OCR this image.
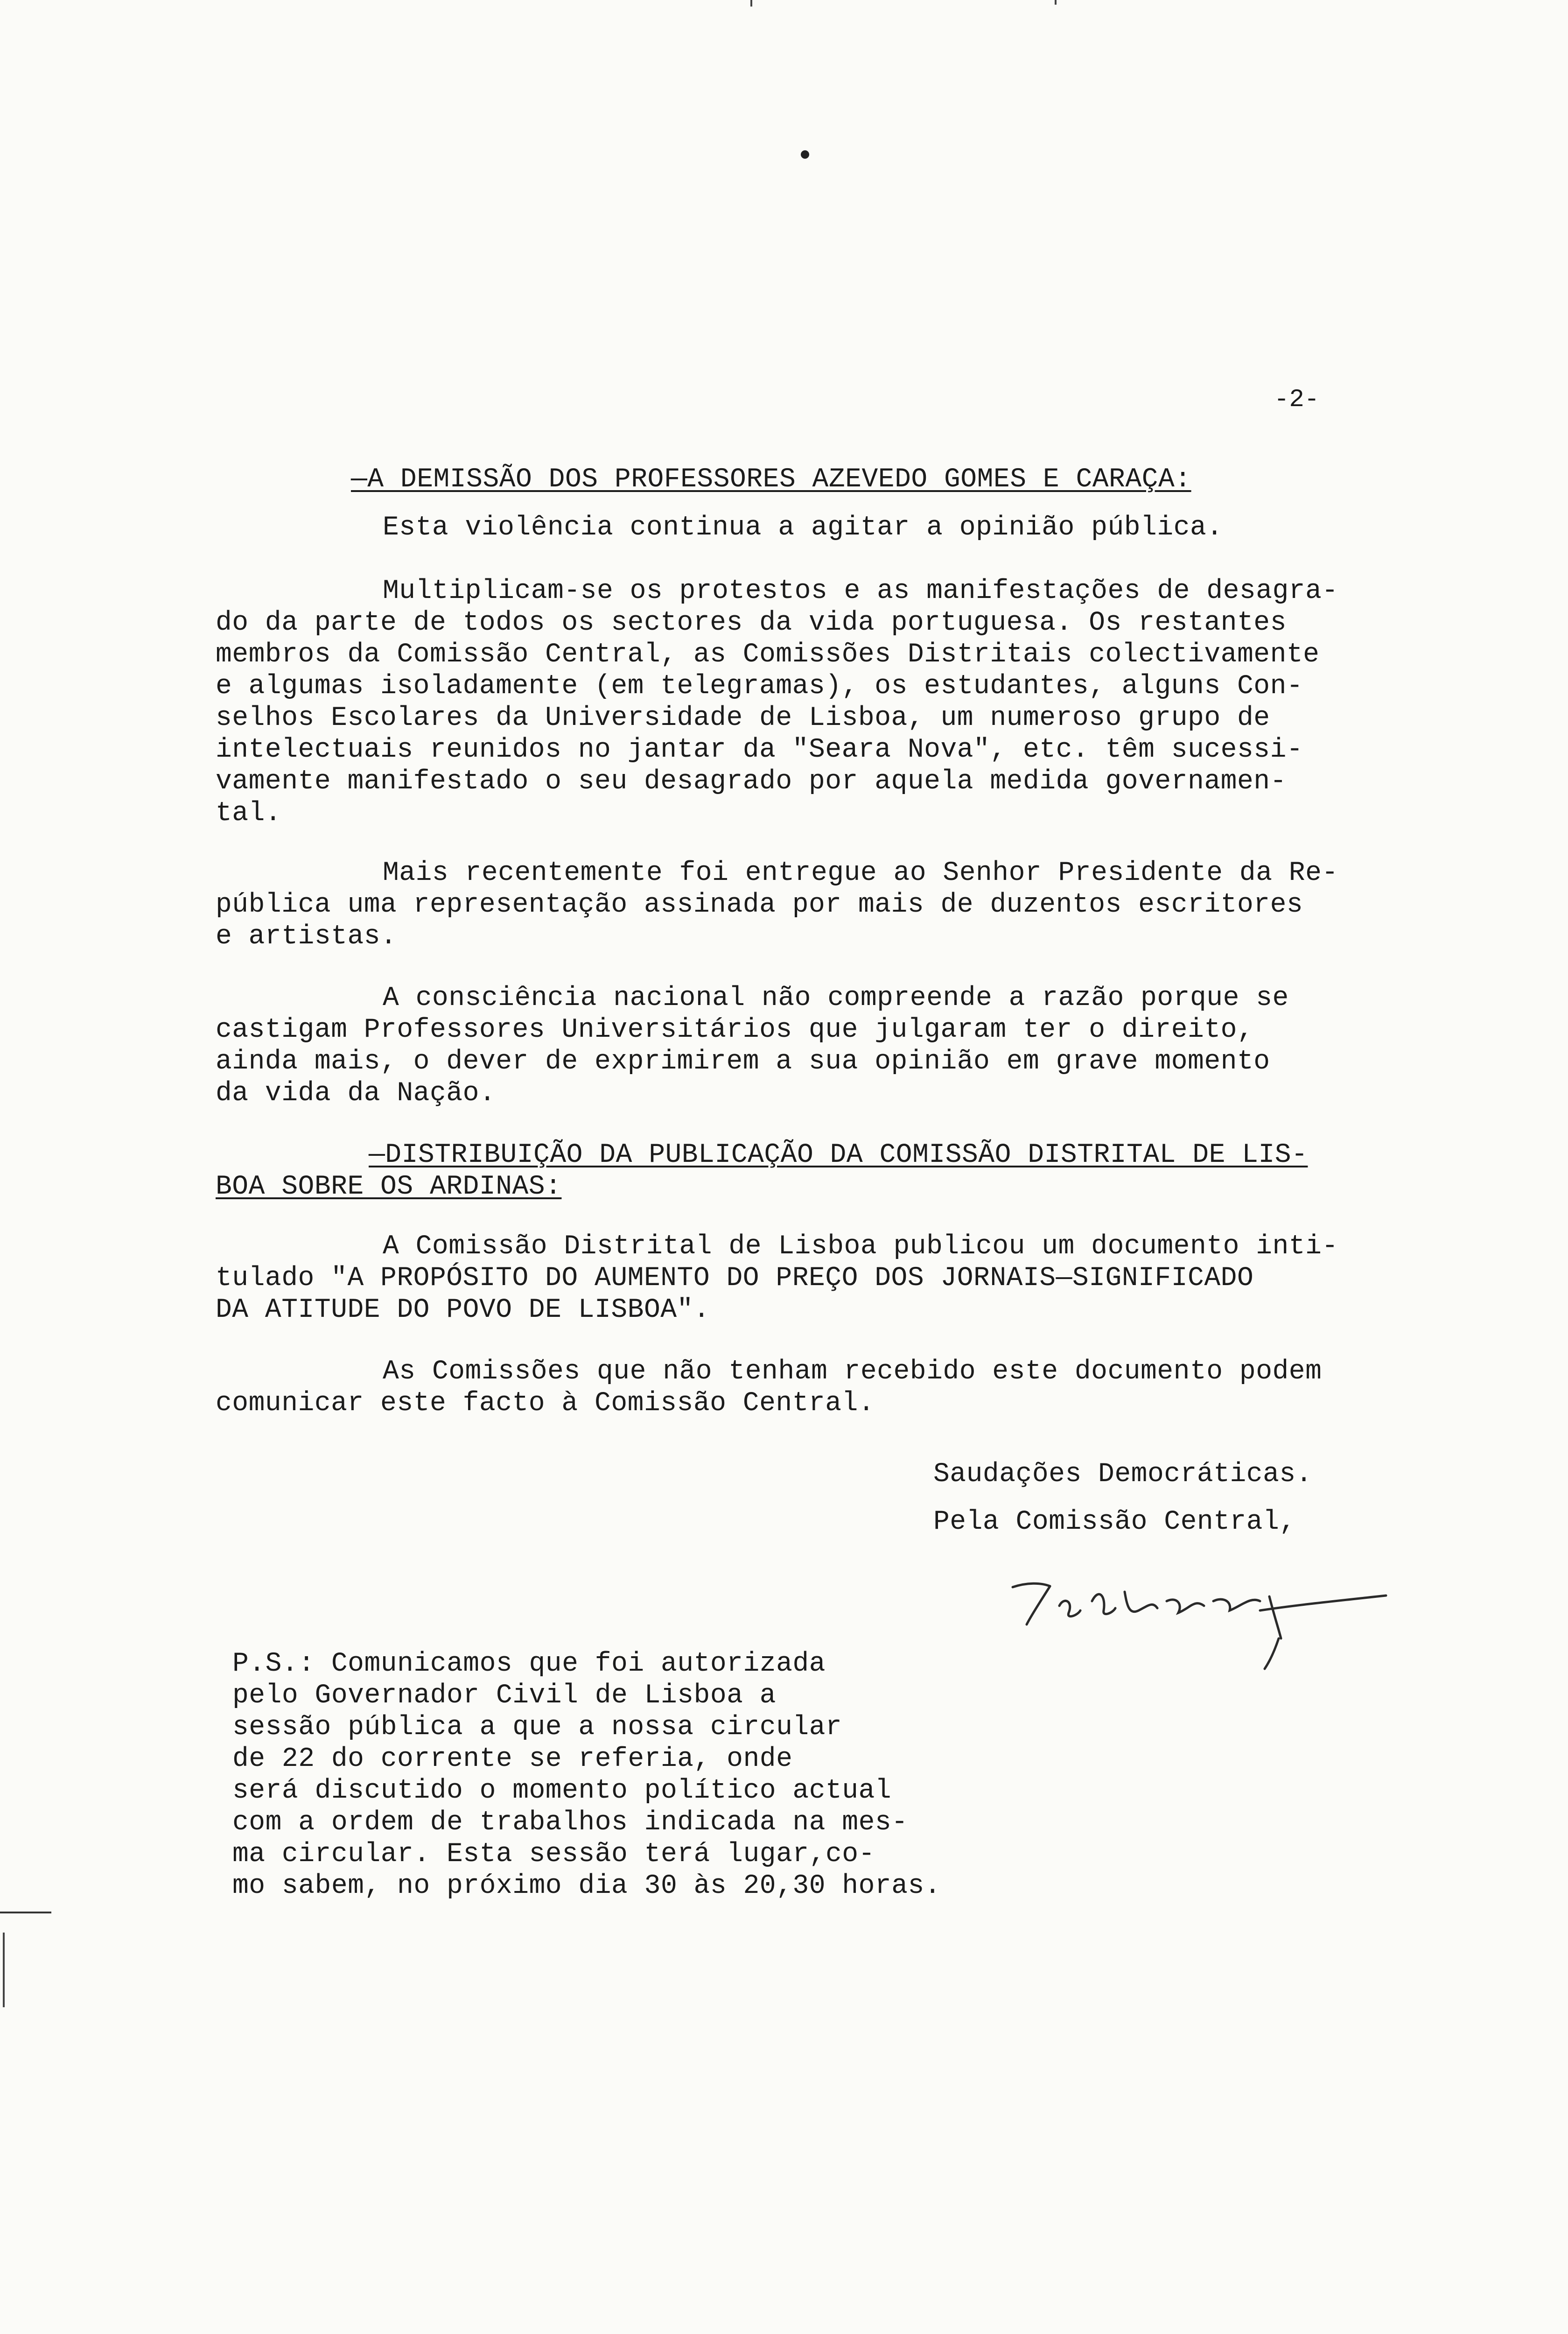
-2-
—A DEMISSÃO DOS PROFESSORES AZEVEDO GOMES E CARAÇA:
Esta violência continua a agitar a opinião pública.
Multiplicam-se os protestos e as manifestações de desagra-
do da parte de todos os sectores da vida portuguesa. Os restantes
membros da Comissão Central, as Comissões Distritais colectivamente
e algumas isoladamente (em telegramas), os estudantes, alguns Con-
selhos Escolares da Universidade de Lisboa, um numeroso grupo de
intelectuais reunidos no jantar da "Seara Nova", etc. têm sucessi-
vamente manifestado o seu desagrado por aquela medida governamen-
tal.
Mais recentemente foi entregue ao Senhor Presidente da Re-
pública uma representação assinada por mais de duzentos escritores
e artistas.
A consciência nacional não compreende a razão porque se
castigam Professores Universitários que julgaram ter o direito,
ainda mais, o dever de exprimirem a sua opinião em grave momento
da vida da Nação.
—DISTRIBUIÇÃO DA PUBLICAÇÃO DA COMISSÃO DISTRITAL DE LIS-
BOA SOBRE OS ARDINAS:
A Comissão Distrital de Lisboa publicou um documento inti-
tulado "A PROPÓSITO DO AUMENTO DO PREÇO DOS JORNAIS—SIGNIFICADO
DA ATITUDE DO POVO DE LISBOA".
As Comissões que não tenham recebido este documento podem
comunicar este facto à Comissão Central.
Saudações Democráticas.
Pela Comissão Central,
P.S.: Comunicamos que foi autorizada
pelo Governador Civil de Lisboa a
sessão pública a que a nossa circular
de 22 do corrente se referia, onde
será discutido o momento político actual
com a ordem de trabalhos indicada na mes-
ma circular. Esta sessão terá lugar,co-
mo sabem, no próximo dia 30 às 20,30 horas.
